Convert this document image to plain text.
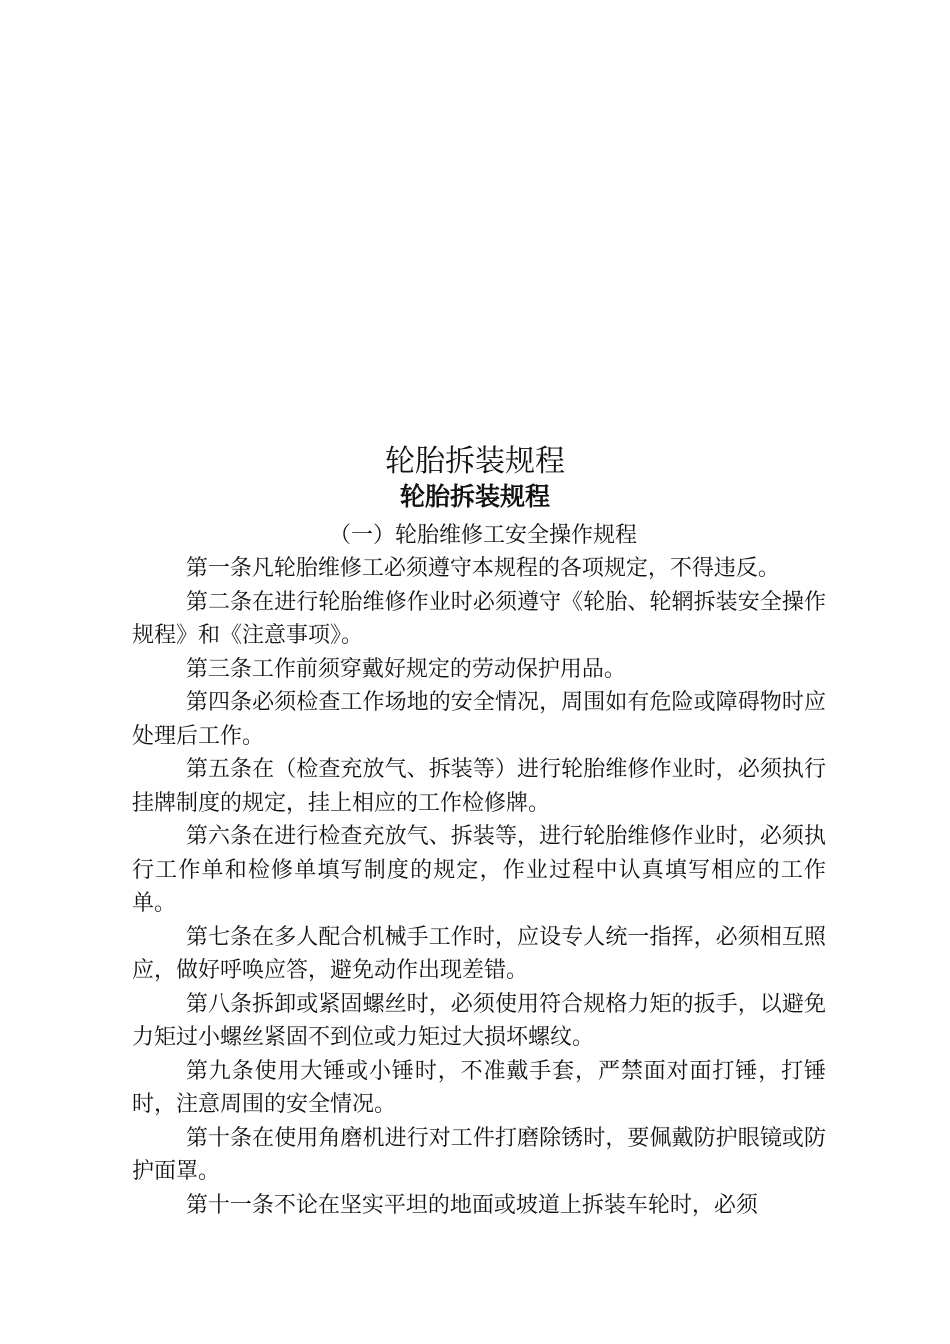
轮胎拆装规程
轮胎拆装规程
（一）轮胎维修工安全操作规程

第一条凡轮胎维修工必须遵守本规程的各项规定，不得违反。

第二条在进行轮胎维修作业时必须遵守《轮胎、轮辋拆装安全操作规程》和《注意事项》。

第三条工作前须穿戴好规定的劳动保护用品。

第四条必须检查工作场地的安全情况，周围如有危险或障碍物时应处理后工作。

第五条在（检查充放气、拆装等）进行轮胎维修作业时，必须执行挂牌制度的规定，挂上相应的工作检修牌。

第六条在进行检查充放气、拆装等，进行轮胎维修作业时，必须执行工作单和检修单填写制度的规定，作业过程中认真填写相应的工作单。

第七条在多人配合机械手工作时，应设专人统一指挥，必须相互照应，做好呼唤应答，避免动作出现差错。

第八条拆卸或紧固螺丝时，必须使用符合规格力矩的扳手，以避免力矩过小螺丝紧固不到位或力矩过大损坏螺纹。

第九条使用大锤或小锤时，不准戴手套，严禁面对面打锤，打锤时，注意周围的安全情况。

第十条在使用角磨机进行对工件打磨除锈时，要佩戴防护眼镜或防护面罩。

第十一条不论在坚实平坦的地面或坡道上拆装车轮时，必须
